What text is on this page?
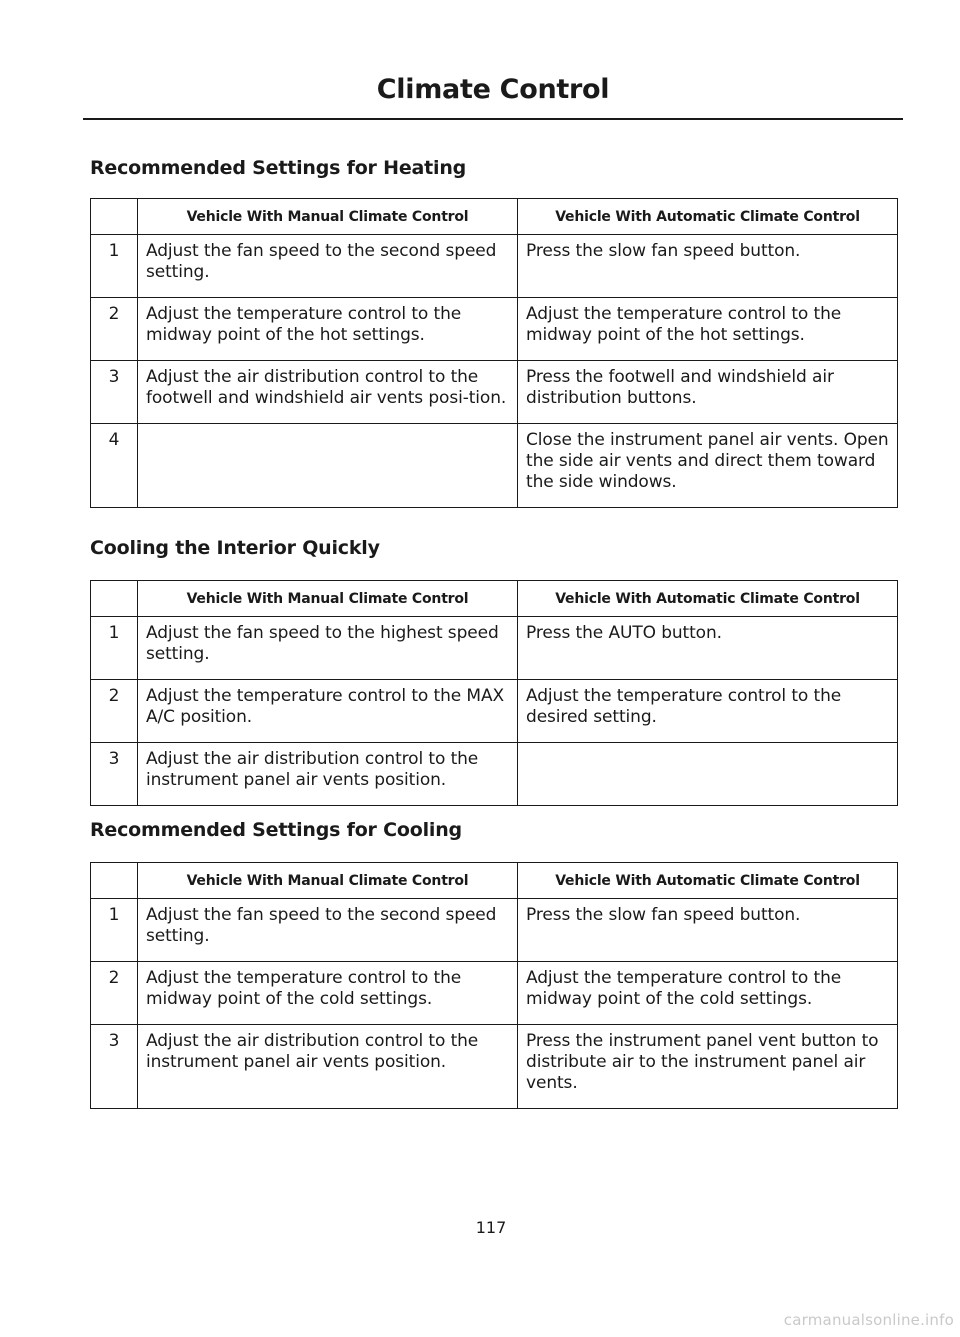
Climate Control
Recommended Settings for Heating
	Vehicle With Manual Climate Control	Vehicle With Automatic Climate Control
1	Adjust the fan speed to the second speed setting.	Press the slow fan speed button.
2	Adjust the temperature control to the midway point of the hot settings.	Adjust the temperature control to the midway point of the hot settings.
3	Adjust the air distribution control to the footwell and windshield air vents posi-tion.	Press the footwell and windshield air distribution buttons.
4		Close the instrument panel air vents. Open the side air vents and direct them toward the side windows.
Cooling the Interior Quickly
	Vehicle With Manual Climate Control	Vehicle With Automatic Climate Control
1	Adjust the fan speed to the highest speed setting.	Press the AUTO button.
2	Adjust the temperature control to the MAX A/C position.	Adjust the temperature control to the desired setting.
3	Adjust the air distribution control to the instrument panel air vents position.	
Recommended Settings for Cooling
	Vehicle With Manual Climate Control	Vehicle With Automatic Climate Control
1	Adjust the fan speed to the second speed setting.	Press the slow fan speed button.
2	Adjust the temperature control to the midway point of the cold settings.	Adjust the temperature control to the midway point of the cold settings.
3	Adjust the air distribution control to the instrument panel air vents position.	Press the instrument panel vent button to distribute air to the instrument panel air vents.
117
carmanualsonline.info
